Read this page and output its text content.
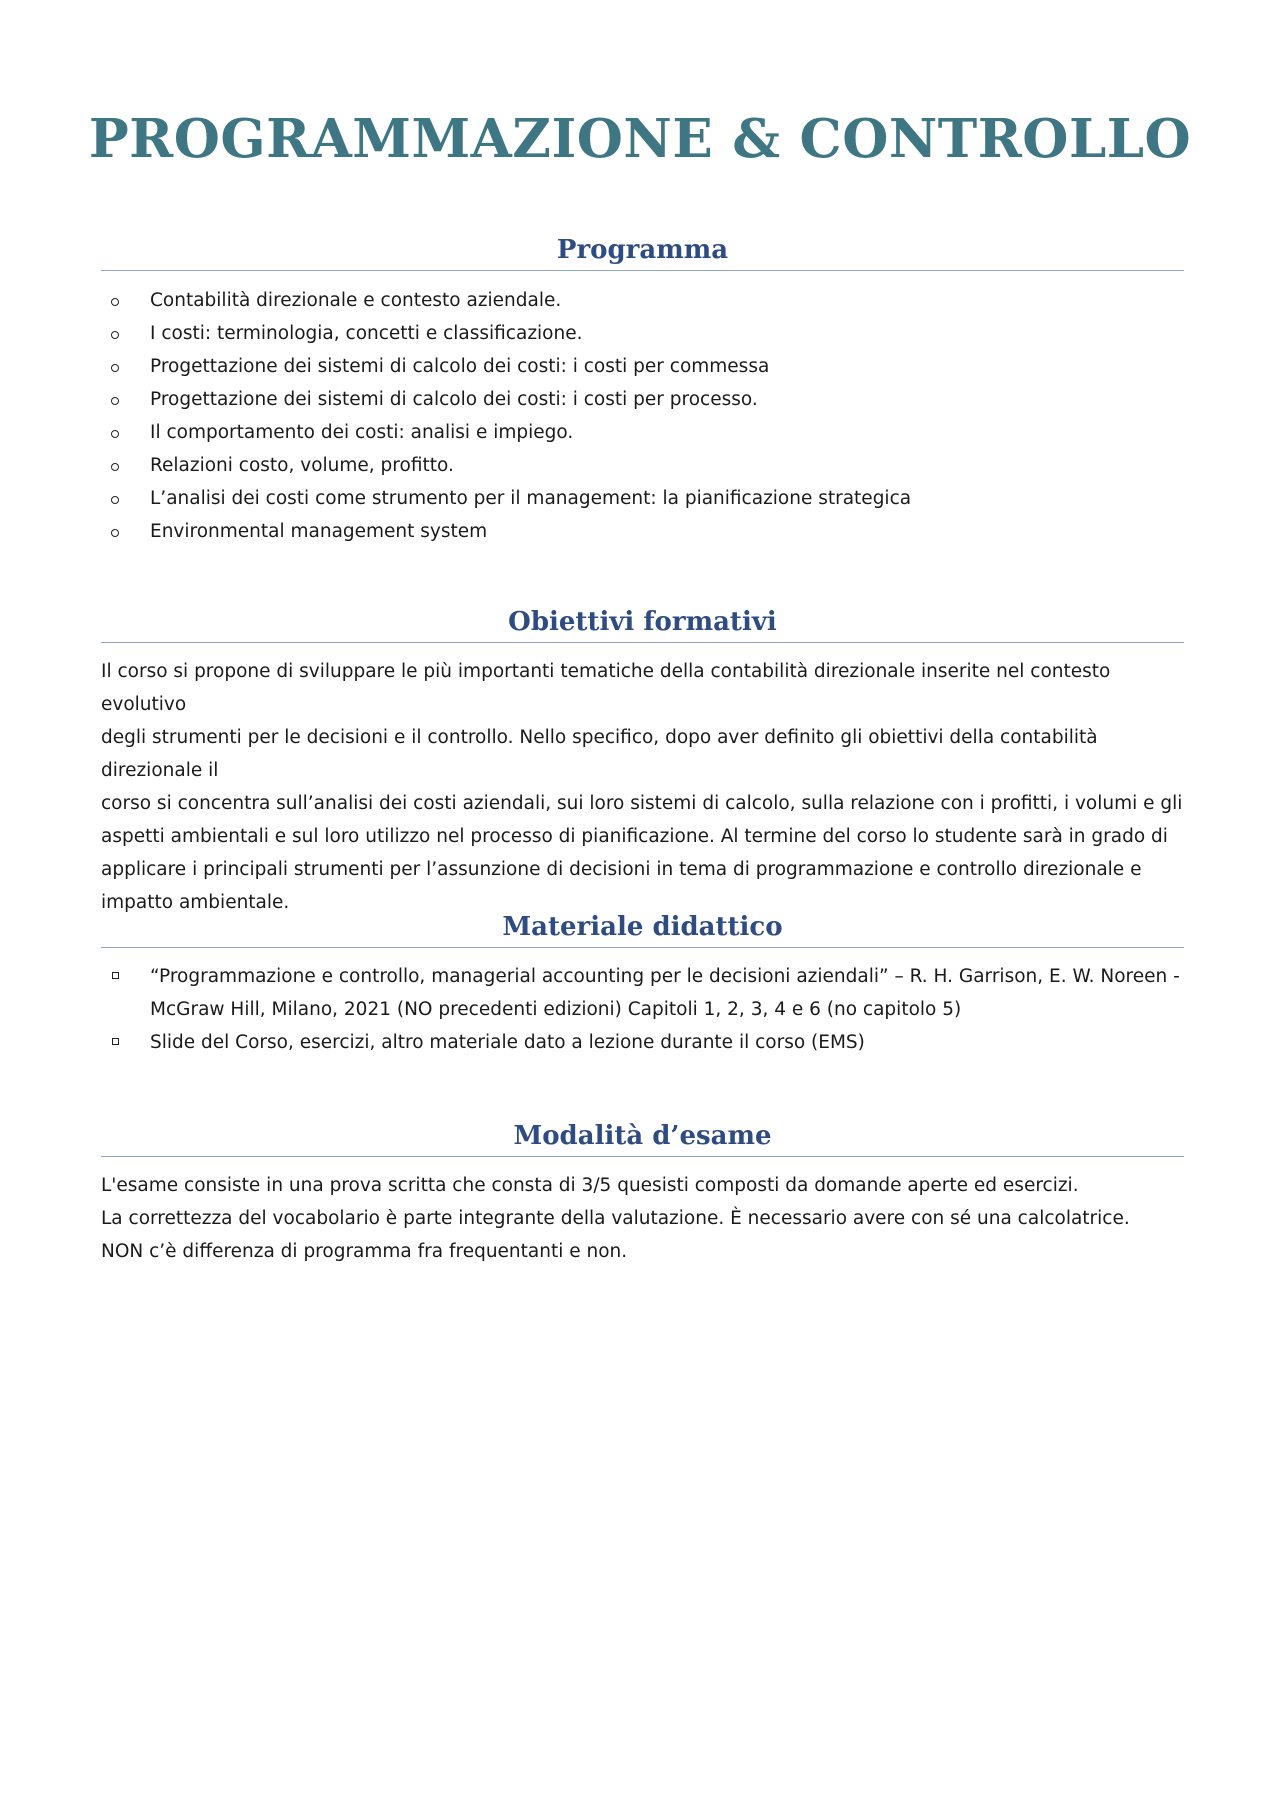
PROGRAMMAZIONE & CONTROLLO
Programma
Contabilità direzionale e contesto aziendale.
I costi: terminologia, concetti e classificazione.
Progettazione dei sistemi di calcolo dei costi: i costi per commessa
Progettazione dei sistemi di calcolo dei costi: i costi per processo.
Il comportamento dei costi: analisi e impiego.
Relazioni costo, volume, profitto.
L’analisi dei costi come strumento per il management: la pianificazione strategica
Environmental management system
Obiettivi formativi

Il corso si propone di sviluppare le più importanti tematiche della contabilità direzionale inserite nel contesto evolutivo

degli strumenti per le decisioni e il controllo. Nello specifico, dopo aver definito gli obiettivi della contabilità direzionale il

corso si concentra sull’analisi dei costi aziendali, sui loro sistemi di calcolo, sulla relazione con i profitti, i volumi e gli

aspetti ambientali e sul loro utilizzo nel processo di pianificazione. Al termine del corso lo studente sarà in grado di

applicare i principali strumenti per l’assunzione di decisioni in tema di programmazione e controllo direzionale e

impatto ambientale.

Materiale didattico
“Programmazione e controllo, managerial accounting per le decisioni aziendali” – R. H. Garrison, E. W. Noreen -
McGraw Hill, Milano, 2021 (NO precedenti edizioni) Capitoli 1, 2, 3, 4 e 6 (no capitolo 5)
Slide del Corso, esercizi, altro materiale dato a lezione durante il corso (EMS)
Modalità d’esame

L'esame consiste in una prova scritta che consta di 3/5 quesisti composti da domande aperte ed esercizi.

La correttezza del vocabolario è parte integrante della valutazione. È necessario avere con sé una calcolatrice.

NON c’è differenza di programma fra frequentanti e non.
